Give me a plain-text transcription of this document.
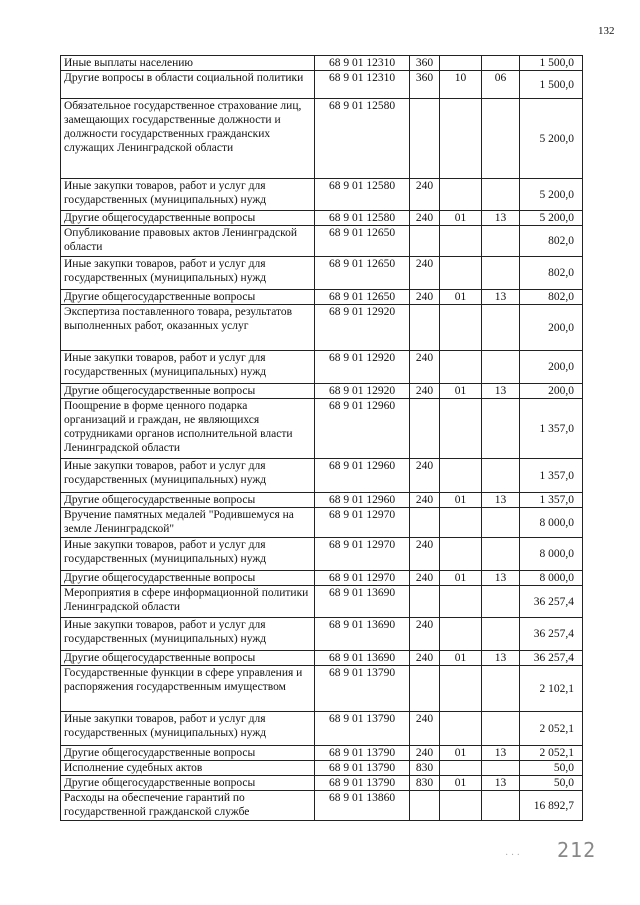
132
Иные выплаты населению	68 9 01 12310	360			1 500,0
Другие вопросы в области социальной политики	68 9 01 12310	360	10	06	1 500,0
Обязательное государственное страхование лиц, замещающих государственные должности и должности государственных гражданских служащих Ленинградской области	68 9 01 12580				5 200,0
Иные закупки товаров, работ и услуг для государственных (муниципальных) нужд	68 9 01 12580	240			5 200,0
Другие общегосударственные вопросы	68 9 01 12580	240	01	13	5 200,0
Опубликование правовых актов Ленинградской области	68 9 01 12650				802,0
Иные закупки товаров, работ и услуг для государственных (муниципальных) нужд	68 9 01 12650	240			802,0
Другие общегосударственные вопросы	68 9 01 12650	240	01	13	802,0
Экспертиза поставленного товара, результатов выполненных работ, оказанных услуг	68 9 01 12920				200,0
Иные закупки товаров, работ и услуг для государственных (муниципальных) нужд	68 9 01 12920	240			200,0
Другие общегосударственные вопросы	68 9 01 12920	240	01	13	200,0
Поощрение в форме ценного подарка организаций и граждан, не являющихся сотрудниками органов исполнительной власти Ленинградской области	68 9 01 12960				1 357,0
Иные закупки товаров, работ и услуг для государственных (муниципальных) нужд	68 9 01 12960	240			1 357,0
Другие общегосударственные вопросы	68 9 01 12960	240	01	13	1 357,0
Вручение памятных медалей "Родившемуся на земле Ленинградской"	68 9 01 12970				8 000,0
Иные закупки товаров, работ и услуг для государственных (муниципальных) нужд	68 9 01 12970	240			8 000,0
Другие общегосударственные вопросы	68 9 01 12970	240	01	13	8 000,0
Мероприятия в сфере информационной политики Ленинградской области	68 9 01 13690				36 257,4
Иные закупки товаров, работ и услуг для государственных (муниципальных) нужд	68 9 01 13690	240			36 257,4
Другие общегосударственные вопросы	68 9 01 13690	240	01	13	36 257,4
Государственные функции в сфере управления и распоряжения государственным имуществом	68 9 01 13790				2 102,1
Иные закупки товаров, работ и услуг для государственных (муниципальных) нужд	68 9 01 13790	240			2 052,1
Другие общегосударственные вопросы	68 9 01 13790	240	01	13	2 052,1
Исполнение судебных актов	68 9 01 13790	830			50,0
Другие общегосударственные вопросы	68 9 01 13790	830	01	13	50,0
Расходы на обеспечение гарантий по государственной гражданской службе	68 9 01 13860				16 892,7
· · · 212
